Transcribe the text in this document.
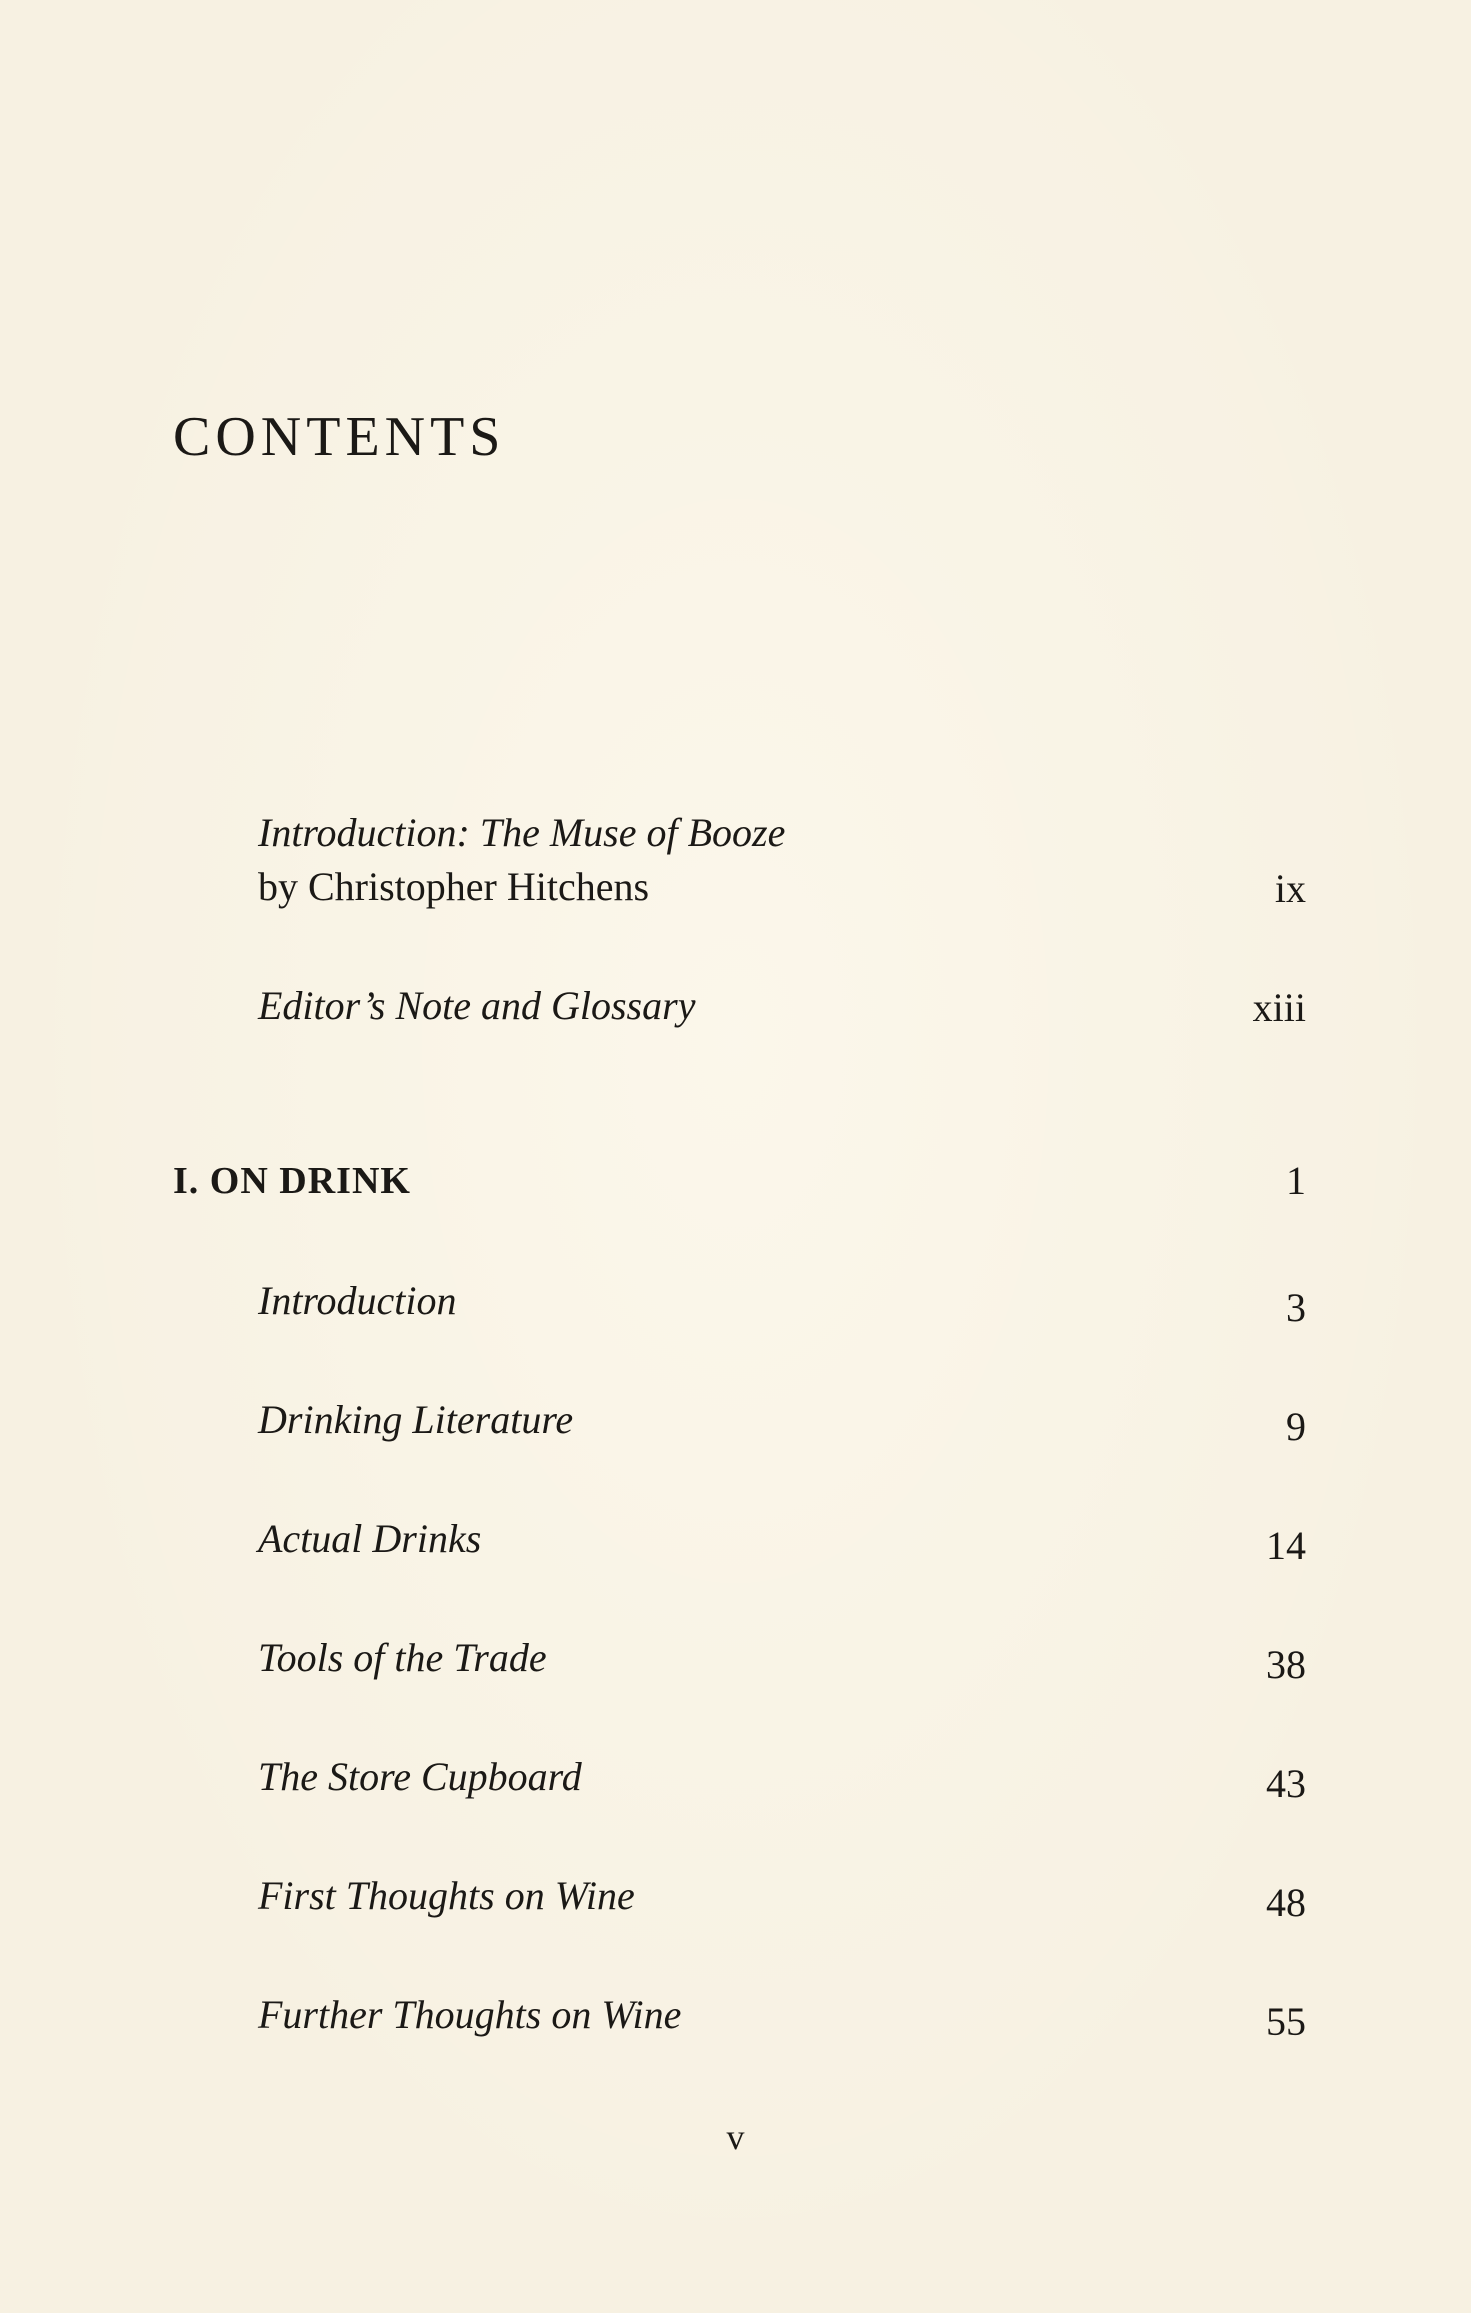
CONTENTS
Introduction: The Muse of Booze
by Christopher Hitchens	ix
Editor’s Note and Glossary	xiii
I. ON DRINK	1
Introduction	3
Drinking Literature	9
Actual Drinks	14
Tools of the Trade	38
The Store Cupboard	43
First Thoughts on Wine	48
Further Thoughts on Wine	55
v
